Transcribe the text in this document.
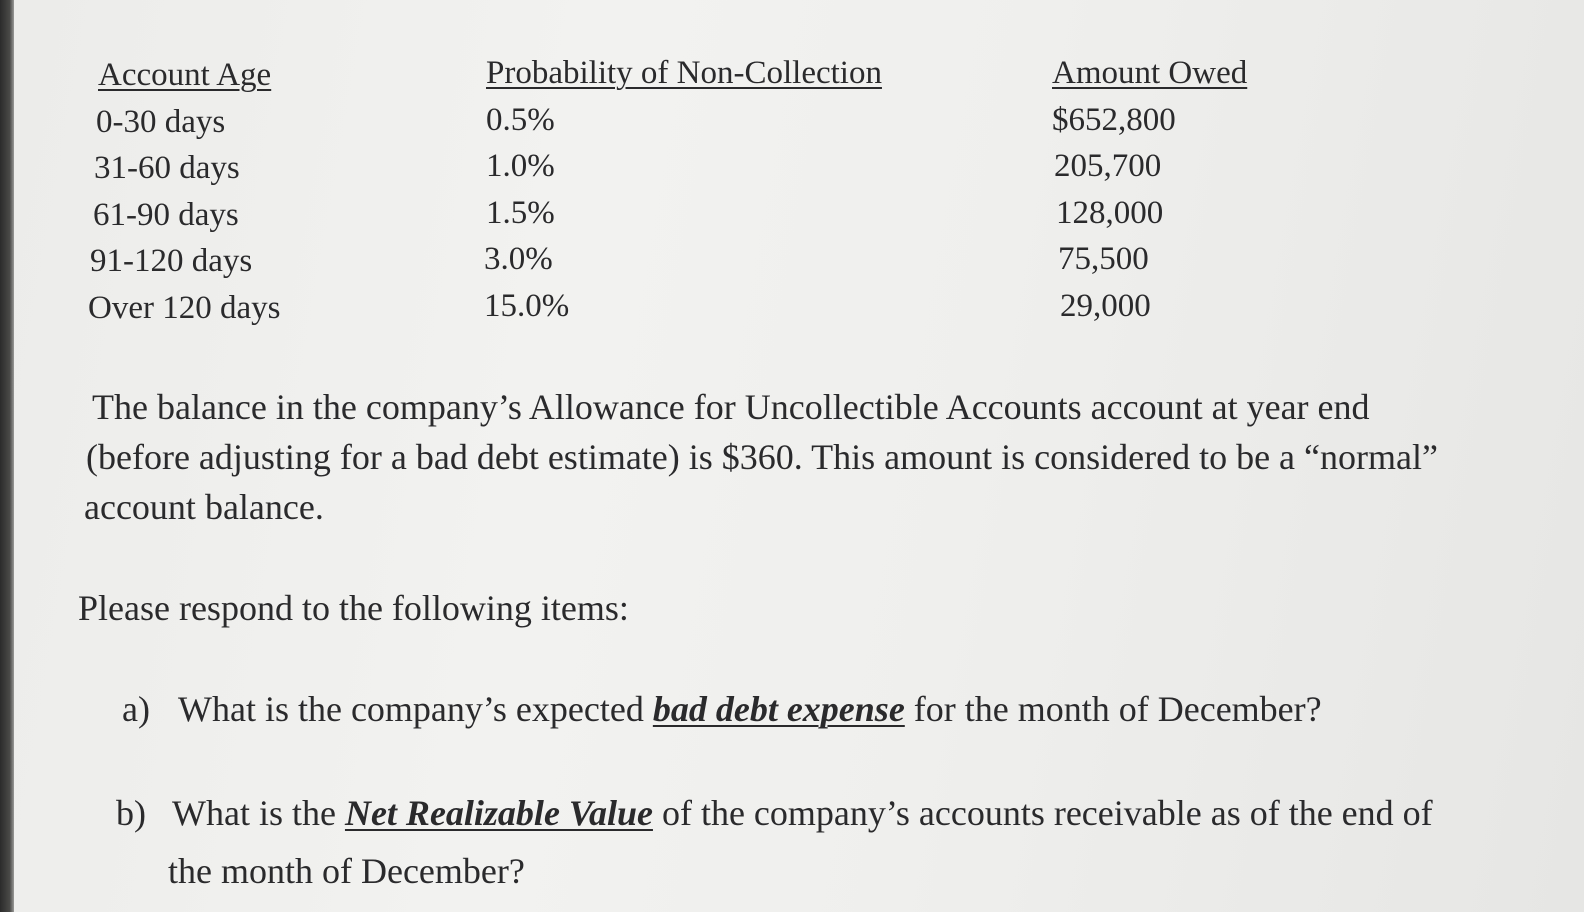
Account Age
0-30 days
31-60 days
61-90 days
91-120 days
Over 120 days
Probability of Non-Collection
0.5%
1.0%
1.5%
3.0%
15.0%
Amount Owed
$652,800
205,700
128,000
75,500
29,000

The balance in the company’s Allowance for Uncollectible Accounts account at year end

(before adjusting for a bad debt estimate) is $360. This amount is considered to be a “normal”

account balance.

Please respond to the following items:
a) What is the company’s expected bad debt expense for the month of December?
b) What is the Net Realizable Value of the company’s accounts receivable as of the end of
the month of December?
